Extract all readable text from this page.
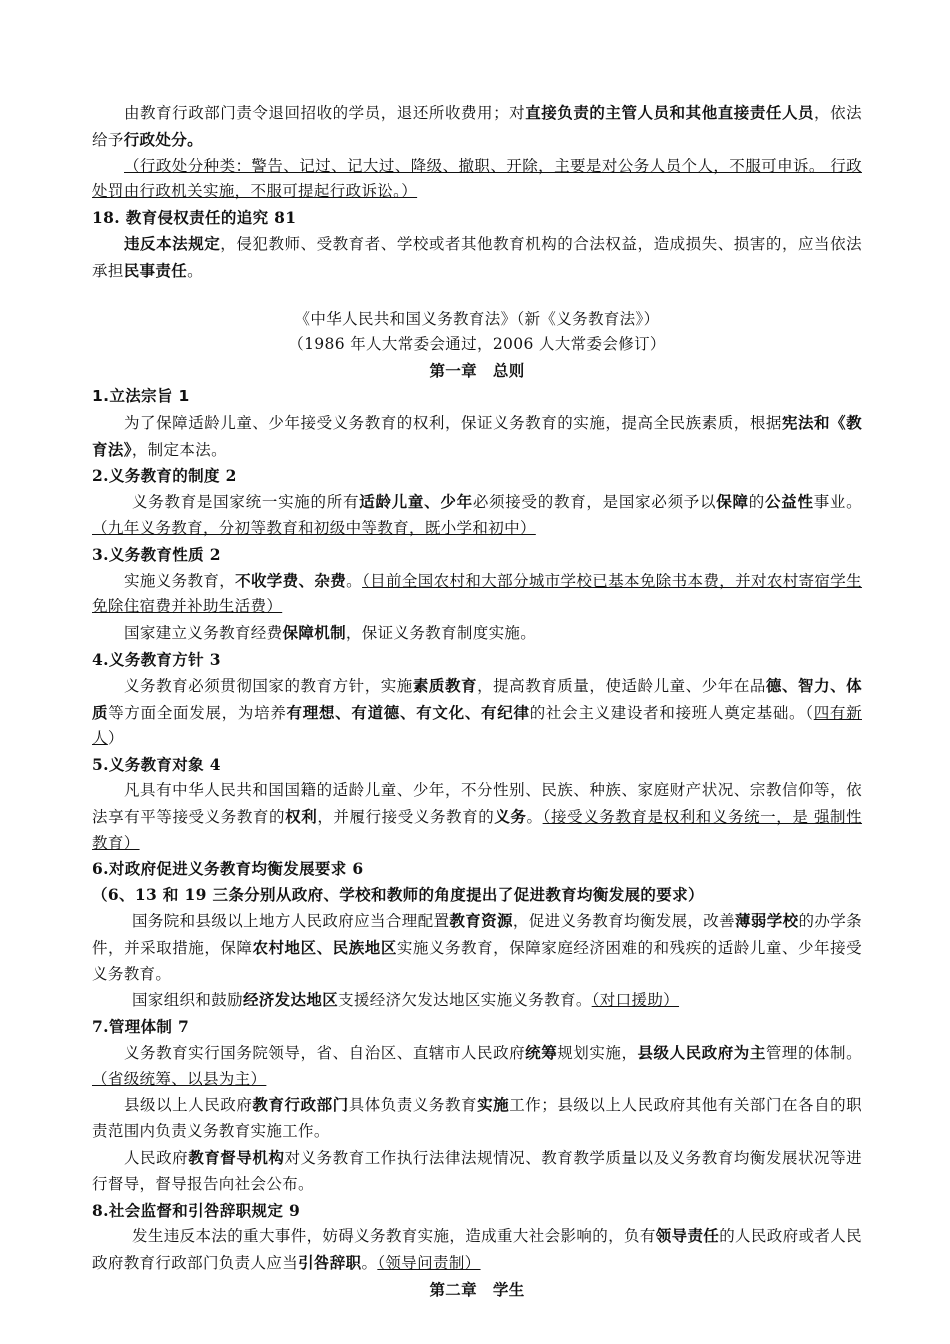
由教育行政部门责令退回招收的学员，退还所收费用；对直接负责的主管人员和其他直接责任人员，依法给予行政处分。

（行政处分种类：警告、记过、记大过、降级、撤职、开除，主要是对公务人员个人，不服可申诉。 行政处罚由行政机关实施，不服可提起行政诉讼。）

18. 教育侵权责任的追究 81

违反本法规定，侵犯教师、受教育者、学校或者其他教育机构的合法权益，造成损失、损害的，应当依法承担民事责任。

《中华人民共和国义务教育法》（新《义务教育法》）

（1986 年人大常委会通过，2006 人大常委会修订）

第一章　总则

1.立法宗旨 1

为了保障适龄儿童、少年接受义务教育的权利，保证义务教育的实施，提高全民族素质，根据宪法和《教育法》，制定本法。

2.义务教育的制度 2

义务教育是国家统一实施的所有适龄儿童、少年必须接受的教育，是国家必须予以保障的公益性事业。（九年义务教育，分初等教育和初级中等教育，既小学和初中）

3.义务教育性质 2

实施义务教育，不收学费、杂费。（目前全国农村和大部分城市学校已基本免除书本费，并对农村寄宿学生免除住宿费并补助生活费）

国家建立义务教育经费保障机制，保证义务教育制度实施。

4.义务教育方针 3

义务教育必须贯彻国家的教育方针，实施素质教育，提高教育质量，使适龄儿童、少年在品德、智力、体质等方面全面发展，为培养有理想、有道德、有文化、有纪律的社会主义建设者和接班人奠定基础。（四有新人）

5.义务教育对象 4

凡具有中华人民共和国国籍的适龄儿童、少年，不分性别、民族、种族、家庭财产状况、宗教信仰等，依法享有平等接受义务教育的权利，并履行接受义务教育的义务。（接受义务教育是权利和义务统一，是 强制性教育）

6.对政府促进义务教育均衡发展要求 6

（6、13 和 19 三条分别从政府、学校和教师的角度提出了促进教育均衡发展的要求）

国务院和县级以上地方人民政府应当合理配置教育资源，促进义务教育均衡发展，改善薄弱学校的办学条件，并采取措施，保障农村地区、民族地区实施义务教育，保障家庭经济困难的和残疾的适龄儿童、少年接受义务教育。

国家组织和鼓励经济发达地区支援经济欠发达地区实施义务教育。（对口援助）

7.管理体制 7

义务教育实行国务院领导，省、自治区、直辖市人民政府统筹规划实施，县级人民政府为主管理的体制。（省级统筹、以县为主）

县级以上人民政府教育行政部门具体负责义务教育实施工作；县级以上人民政府其他有关部门在各自的职责范围内负责义务教育实施工作。

人民政府教育督导机构对义务教育工作执行法律法规情况、教育教学质量以及义务教育均衡发展状况等进行督导，督导报告向社会公布。

8.社会监督和引咎辞职规定 9

发生违反本法的重大事件，妨碍义务教育实施，造成重大社会影响的，负有领导责任的人民政府或者人民政府教育行政部门负责人应当引咎辞职。（领导问责制）

第二章　学生
